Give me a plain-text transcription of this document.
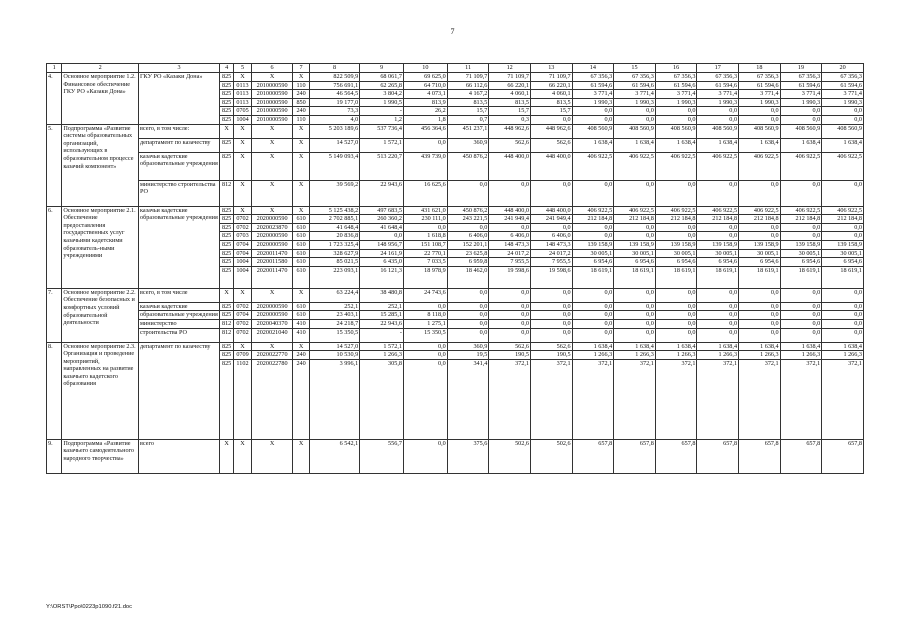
7
1	2	3	4	5	6	7	8	9	10	11	12	13	14	15	16	17	18	19	20
4.	Основное мероприятие 1.2. Финансовое обеспечение ГКУ РО «Казаки Дона»	ГКУ РО «Казаки Дона»	825	Х	Х	Х	822 509,9	68 061,7	69 625,0	71 109,7	71 109,7	71 109,7	67 356,3	67 356,3	67 356,3	67 356,3	67 356,3	67 356,3	67 356,3
			825	0113	2010000590	110	756 691,1	62 265,8	64 710,0	66 112,6	66 220,1	66 220,1	61 594,6	61 594,6	61 594,6	61 594,6	61 594,6	61 594,6	61 594,6
			825	0113	2010000590	240	46 564,5	3 804,2	4 073,1	4 167,2	4 060,1	4 060,1	3 771,4	3 771,4	3 771,4	3 771,4	3 771,4	3 771,4	3 771,4
			825	0113	2010000590	850	19 177,0	1 990,5	813,9	813,5	813,5	813,5	1 990,3	1 990,3	1 990,3	1 990,3	1 990,3	1 990,3	1 990,3
			825	0705	2010000590	240	73,3	-	26,2	15,7	15,7	15,7	0,0	0,0	0,0	0,0	0,0	0,0	0,0
			825	1004	2010000590	110	4,0	1,2	1,8	0,7	0,3	0,0	0,0	0,0	0,0	0,0	0,0	0,0	0,0
5.	Подпрограмма «Развитие системы образовательных организаций, использующих в образовательном процессе казачий компонент»	всего, в том числе:	Х	Х	Х	Х	5 203 189,6	537 736,4	456 364,6	451 237,1	448 962,6	448 962,6	408 560,9	408 560,9	408 560,9	408 560,9	408 560,9	408 560,9	408 560,9
		департамент по казачеству	825	Х	Х	Х	14 527,0	1 572,1	0,0	360,9	562,6	562,6	1 638,4	1 638,4	1 638,4	1 638,4	1 638,4	1 638,4	1 638,4
		казачьи кадетские образовательные учреждения	825	Х	Х	Х	5 149 093,4	513 220,7	439 739,0	450 876,2	448 400,0	448 400,0	406 922,5	406 922,5	406 922,5	406 922,5	406 922,5	406 922,5	406 922,5
		министерство строительства РО	812	Х	Х	Х	39 569,2	22 943,6	16 625,6	0,0	0,0	0,0	0,0	0,0	0,0	0,0	0,0	0,0	0,0
6.	Основное мероприятие 2.1. Обеспечение предоставления государственных услуг казачьими кадетскими образователь-ными учреждениями	казачьи кадетские образовательные учреждения	825	Х	Х	Х	5 125 438,2	497 683,5	431 621,0	450 876,2	448 400,0	448 400,0	406 922,5	406 922,5	406 922,5	406 922,5	406 922,5	406 922,5	406 922,5
			825	0702	2020000590	610	2 702 885,1	260 360,2	230 111,0	243 221,5	241 949,4	241 949,4	212 184,8	212 184,8	212 184,8	212 184,8	212 184,8	212 184,8	212 184,8
			825	0702	2020023870	610	41 648,4	41 648,4	0,0	0,0	0,0	0,0	0,0	0,0	0,0	0,0	0,0	0,0	0,0
			825	0703	2020000590	610	20 836,8	0,0	1 618,8	6 406,0	6 406,0	6 406,0	0,0	0,0	0,0	0,0	0,0	0,0	0,0
			825	0704	2020000590	610	1 723 325,4	148 956,7	151 108,7	152 201,1	148 473,3	148 473,3	139 158,9	139 158,9	139 158,9	139 158,9	139 158,9	139 158,9	139 158,9
			825	0704	2020011470	610	328 627,9	24 161,9	22 770,1	23 625,8	24 017,2	24 017,2	30 005,1	30 005,1	30 005,1	30 005,1	30 005,1	30 005,1	30 005,1
			825	1004	2020011580	610	85 021,5	6 435,0	7 033,5	6 959,8	7 955,5	7 955,5	6 954,6	6 954,6	6 954,6	6 954,6	6 954,6	6 954,6	6 954,6
			825	1004	2020011470	610	223 093,1	16 121,3	18 978,9	18 462,0	19 598,6	19 598,6	18 619,1	18 619,1	18 619,1	18 619,1	18 619,1	18 619,1	18 619,1
7.	Основное мероприятие 2.2. Обеспечение безопасных и комфортных условий образовательной деятельности	всего, в том числе	Х	Х	Х	Х	63 224,4	38 480,8	24 743,6	0,0	0,0	0,0	0,0	0,0	0,0	0,0	0,0	0,0	0,0
		казачьи кадетские	825	0702	2020000590	610	252,1	252,1	0,0	0,0	0,0	0,0	0,0	0,0	0,0	0,0	0,0	0,0	0,0
		образовательные учреждения	825	0704	2020000590	610	23 403,1	15 285,1	8 118,0	0,0	0,0	0,0	0,0	0,0	0,0	0,0	0,0	0,0	0,0
		министерство	812	0702	2020040370	410	24 218,7	22 943,6	1 275,1	0,0	0,0	0,0	0,0	0,0	0,0	0,0	0,0	0,0	0,0
		строительства РО	812	0702	2020021040	410	15 350,5	-	15 350,5	0,0	0,0	0,0	0,0	0,0	0,0	0,0	0,0	0,0	0,0
8.	Основное мероприятие 2.3. Организация и проведение мероприятий, направленных на развитие казачьего кадетского образования	департамент по казачеству	825	Х	Х	Х	14 527,0	1 572,1	0,0	360,9	562,6	562,6	1 638,4	1 638,4	1 638,4	1 638,4	1 638,4	1 638,4	1 638,4
			825	0709	2020022770	240	10 530,9	1 266,3	0,0	19,5	190,5	190,5	1 266,3	1 266,3	1 266,3	1 266,3	1 266,3	1 266,3	1 266,3
			825	1102	2020022780	240	3 996,1	305,8	0,0	341,4	372,1	372,1	372,1	372,1	372,1	372,1	372,1	372,1	372,1
9.	Подпрограмма «Развитие казачьего самодеятельного народного творчества»	всего	Х	Х	Х	Х	6 542,1	556,7	0,0	375,6	502,6	502,6	657,8	657,8	657,8	657,8	657,8	657,8	657,8
Y:\ORST\Ppo\0223p1090.f21.doc
